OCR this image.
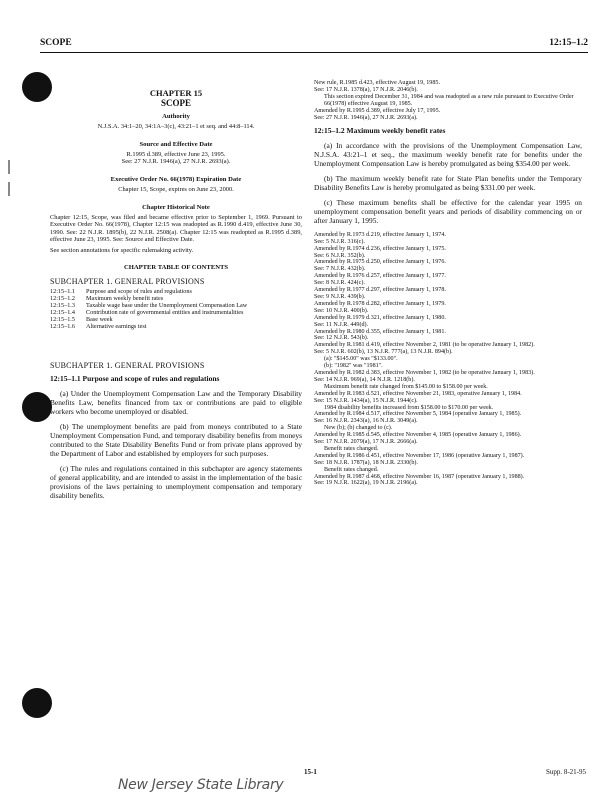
SCOPE	12:15–1.2
CHAPTER 15
SCOPE
Authority
N.J.S.A. 34:1–20, 34:1A–3(c), 43:21–1 et seq. and 44:8–114.
Source and Effective Date
R.1995 d.389, effective June 23, 1995.
See: 27 N.J.R. 1946(a), 27 N.J.R. 2693(a).
Executive Order No. 66(1978) Expiration Date
Chapter 15, Scope, expires on June 23, 2000.
Chapter Historical Note
Chapter 12:15, Scope, was filed and became effective prior to September 1, 1969. Pursuant to Executive Order No. 66(1978), Chapter 12:15 was readopted as R.1990 d.419, effective June 30, 1990. See: 22 N.J.R. 1895(b), 22 N.J.R. 2508(a). Chapter 12:15 was readopted as R.1995 d.389, effective June 23, 1995. See: Source and Effective Date.
See section annotations for specific rulemaking activity.
CHAPTER TABLE OF CONTENTS
SUBCHAPTER 1. GENERAL PROVISIONS
12:15–1.1	Purpose and scope of rules and regulations
12:15–1.2	Maximum weekly benefit rates
12:15–1.3	Taxable wage base under the Unemployment Compensation Law
12:15–1.4	Contribution rate of governmental entities and instrumentalities
12:15–1.5	Base week
12:15–1.6	Alternative earnings test
SUBCHAPTER 1. GENERAL PROVISIONS
12:15–1.1 Purpose and scope of rules and regulations
(a) Under the Unemployment Compensation Law and the Temporary Disability Benefits Law, benefits financed from tax or contributions are paid to eligible workers who become unemployed or disabled.
(b) The unemployment benefits are paid from moneys contributed to a State Unemployment Compensation Fund, and temporary disability benefits from moneys contributed to the State Disability Benefits Fund or from private plans approved by the Department of Labor and established by employers for such purposes.
(c) The rules and regulations contained in this subchapter are agency statements of general applicability, and are intended to assist in the implementation of the basic provisions of the laws pertaining to unemployment compensation and temporary disability benefits.
New rule, R.1985 d.423, effective August 19, 1985.
See: 17 N.J.R. 1378(a), 17 N.J.R. 2046(b).
This section expired December 31, 1984 and was readopted as a new rule pursuant to Executive Order 66(1978) effective August 19, 1985.
Amended by R.1995 d.389, effective July 17, 1995.
See: 27 N.J.R. 1946(a), 27 N.J.R. 2693(a).
12:15–1.2 Maximum weekly benefit rates
(a) In accordance with the provisions of the Unemployment Compensation Law, N.J.S.A. 43:21–1 et seq., the maximum weekly benefit rate for benefits under the Unemployment Compensation Law is hereby promulgated as being $354.00 per week.
(b) The maximum weekly benefit rate for State Plan benefits under the Temporary Disability Benefits Law is hereby promulgated as being $331.00 per week.
(c) These maximum benefits shall be effective for the calendar year 1995 on unemployment compensation benefit years and periods of disability commencing on or after January 1, 1995.
Amended by R.1973 d.219, effective January 1, 1974.
See: 5 N.J.R. 316(c).
Amended by R.1974 d.236, effective January 1, 1975.
See: 6 N.J.R. 352(b).
Amended by R.1975 d.250, effective January 1, 1976.
See: 7 N.J.R. 432(b).
Amended by R.1976 d.257, effective January 1, 1977.
See: 8 N.J.R. 424(c).
Amended by R.1977 d.297, effective January 1, 1978.
See: 9 N.J.R. 439(b).
Amended by R.1978 d.282, effective January 1, 1979.
See: 10 N.J.R. 400(b).
Amended by R.1979 d.321, effective January 1, 1980.
See: 11 N.J.R. 449(d).
Amended by R.1980 d.355, effective January 1, 1981.
See: 12 N.J.R. 543(b).
Amended by R.1981 d.419, effective November 2, 1981 (to be operative January 1, 1982).
See: 5 N.J.R. 602(b), 13 N.J.R. 777(a), 13 N.J.R. 894(b).
(a): "$145.00" was "$133.00".
(b): "1982" was "1981".
Amended by R.1982 d.383, effective November 1, 1982 (to be operative January 1, 1983).
See: 14 N.J.R. 969(a), 14 N.J.R. 1218(b).
Maximum benefit rate changed from $145.00 to $158.00 per week.
Amended by R.1983 d.521, effective November 21, 1983, operative January 1, 1984.
See: 15 N.J.R. 1434(a), 15 N.J.R. 1944(c).
1984 disability benefits increased from $158.00 to $170.00 per week.
Amended by R.1984 d.517, effective November 5, 1984 (operative January 1, 1985).
See: 16 N.J.R. 2343(a), 16 N.J.R. 3049(a).
New (b); (b) changed to (c).
Amended by R.1985 d.545, effective November 4, 1985 (operative January 1, 1986).
See: 17 N.J.R. 2079(a), 17 N.J.R. 2666(a).
Benefit rates changed.
Amended by R.1986 d.451, effective November 17, 1986 (operative January 1, 1987).
See: 18 N.J.R. 1787(a), 18 N.J.R. 2330(b).
Benefit rates changed.
Amended by R.1987 d.468, effective November 16, 1987 (operative January 1, 1988).
See: 19 N.J.R. 1622(a), 19 N.J.R. 2196(a).
15-1	Supp. 8-21-95
New Jersey State Library
